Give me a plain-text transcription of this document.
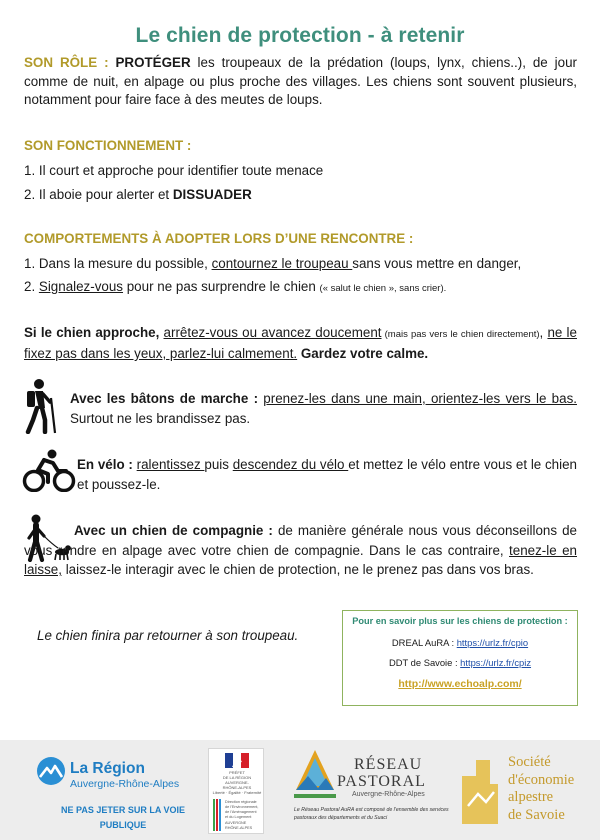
Le chien de protection - à retenir
SON RÔLE : PROTÉGER les troupeaux de la prédation (loups, lynx, chiens..), de jour comme de nuit, en alpage ou plus proche des villages. Les chiens sont souvent plusieurs, notamment pour faire face à des meutes de loups.
SON FONCTIONNEMENT :
1. Il court et approche pour identifier toute menace
2. Il aboie pour alerter et DISSUADER
COMPORTEMENTS À ADOPTER LORS D’UNE RENCONTRE :
1. Dans la mesure du possible, contournez le troupeau sans vous mettre en danger,
2. Signalez-vous pour ne pas surprendre le chien (« salut le chien », sans crier).
Si le chien approche, arrêtez-vous ou avancez doucement (mais pas vers le chien directement), ne le fixez pas dans les yeux, parlez-lui calmement. Gardez votre calme.
Avec les bâtons de marche : prenez-les dans une main, orientez-les vers le bas. Surtout ne les brandissez pas.
En vélo : ralentissez puis descendez du vélo et mettez le vélo entre vous et le chien et poussez-le.
Avec un chien de compagnie : de manière générale nous vous déconseillons de vous rendre en alpage avec votre chien de compagnie. Dans le cas contraire, tenez-le en laisse, laissez-le interagir avec le chien de protection, ne le prenez pas dans vos bras.
Le chien finira par retourner à son troupeau.
Pour en savoir plus sur les chiens de protection :
DREAL AuRA : https://urlz.fr/cpio
DDT de Savoie : https://urlz.fr/cpiz
http://www.echoalp.com/
La Région
Auvergne-Rhône-Alpes
NE PAS JETER SUR LA VOIE PUBLIQUE
PRÉFET
DE LA RÉGION
AUVERGNE-
RHÔNE-ALPES
Liberté · Égalité · Fraternité
Direction régionale
de l'Environnement,
de l'Aménagement
et du Logement
AUVERGNE
RHÔNE-ALPES
RÉSEAU
PASTORAL
Auvergne-Rhône-Alpes
Le Réseau Pastoral AuRA est composé de l'ensemble des services pastoraux des départements et du Suaci
Société
d'économie
alpestre
de Savoie
